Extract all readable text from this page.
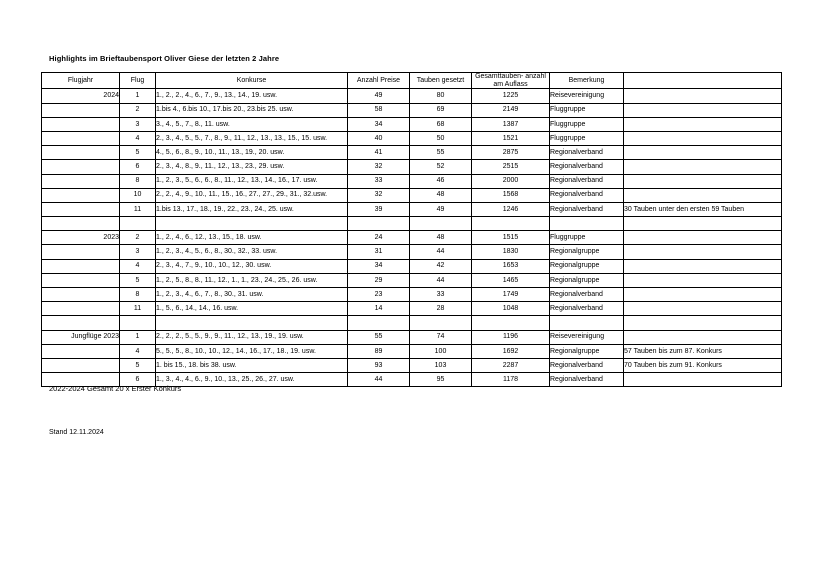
Highlights im Brieftaubensport Oliver Giese der letzten 2 Jahre
Flugjahr	Flug	Konkurse	Anzahl Preise	Tauben gesetzt	Gesamttauben- anzahl am Auflass	Bemerkung	
2024	1	1., 2., 2., 4., 6., 7., 9., 13., 14., 19. usw.	49	80	1225	Reisevereinigung	
	2	1.bis 4., 6.bis 10., 17.bis 20., 23.bis 25. usw.	58	69	2149	Fluggruppe	
	3	3., 4., 5., 7., 8., 11. usw.	34	68	1387	Fluggruppe	
	4	2., 3., 4., 5., 5., 7., 8., 9., 11., 12., 13., 13., 15., 15. usw.	40	50	1521	Fluggruppe	
	5	4., 5., 6., 8., 9., 10., 11., 13., 19., 20. usw.	41	55	2875	Regionalverband	
	6	2., 3., 4., 8., 9., 11., 12., 13., 23., 29. usw.	32	52	2515	Regionalverband	
	8	1., 2., 3., 5., 6., 6., 8., 11., 12., 13., 14., 16., 17. usw.	33	46	2000	Regionalverband	
	10	2., 2., 4., 9., 10., 11., 15., 16., 27., 27., 29., 31., 32.usw.	32	48	1568	Regionalverband	
	11	1.bis 13., 17., 18., 19., 22., 23., 24., 25. usw.	39	49	1246	Regionalverband	30 Tauben unter den ersten 59 Tauben

2023	2	1., 2., 4., 6., 12., 13., 15., 18. usw.	24	48	1515	Fluggruppe	
	3	1., 2., 3., 4., 5., 6., 8., 30., 32., 33. usw.	31	44	1830	Regionalgruppe	
	4	2., 3., 4., 7., 9., 10., 10., 12., 30. usw.	34	42	1653	Regionalgruppe	
	5	1., 2., 5., 8., 8., 11., 12., 1., 1., 23., 24., 25., 26. usw.	29	44	1465	Regionalgruppe	
	8	1., 2., 3., 4., 6., 7., 8., 30., 31. usw.	23	33	1749	Regionalverband	
	11	1., 5., 6., 14., 14., 16. usw.	14	28	1048	Regionalverband	

Jungflüge 2023	1	2., 2., 2., 5., 5., 9., 9., 11., 12., 13., 19., 19. usw.	55	74	1196	Reisevereinigung	
	4	5., 5., 5., 8., 10., 10., 12., 14., 16., 17., 18., 19. usw.	89	100	1692	Regionalgruppe	57 Tauben bis zum 87. Konkurs
	5	1. bis 15., 18. bis 38. usw.	93	103	2287	Regionalverband	70 Tauben bis zum 91. Konkurs
	6	1., 3., 4., 4., 6., 9., 10., 13., 25., 26., 27. usw.	44	95	1178	Regionalverband	
2022-2024 Gesamt 20 x Erster Konkurs
Stand 12.11.2024
